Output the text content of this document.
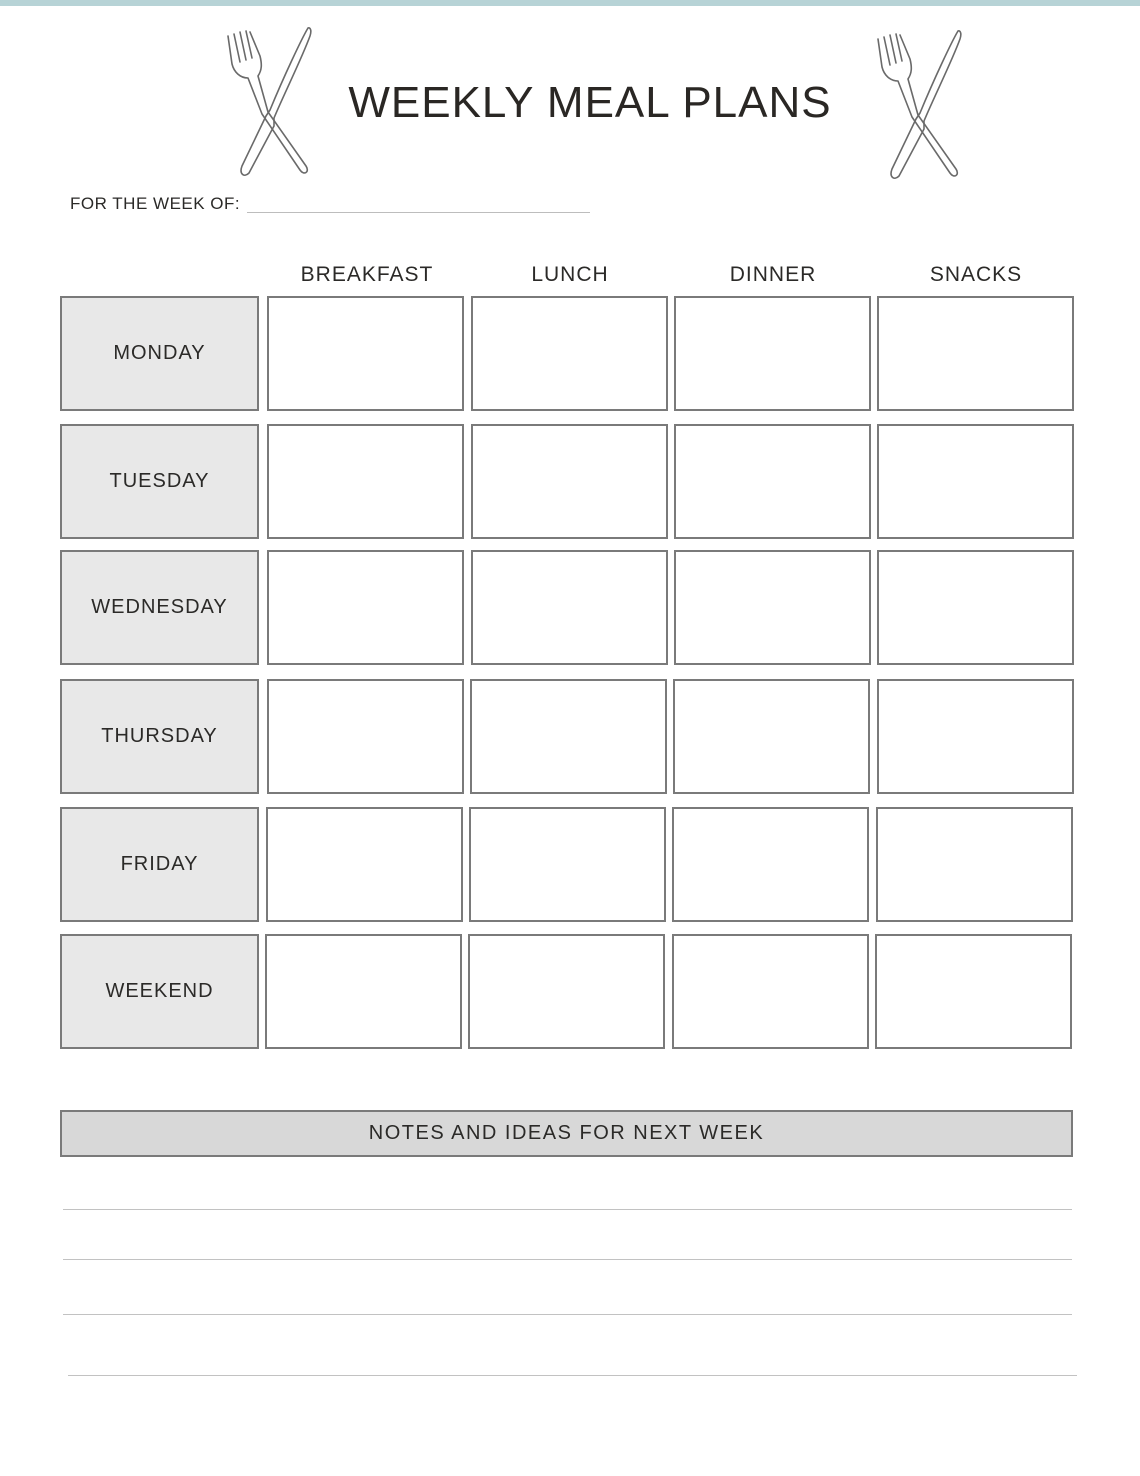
WEEKLY MEAL PLANS
FOR THE WEEK OF:
BREAKFAST	LUNCH	DINNER	SNACKS
MONDAY
TUESDAY
WEDNESDAY
THURSDAY
FRIDAY
WEEKEND
NOTES AND IDEAS FOR NEXT WEEK
